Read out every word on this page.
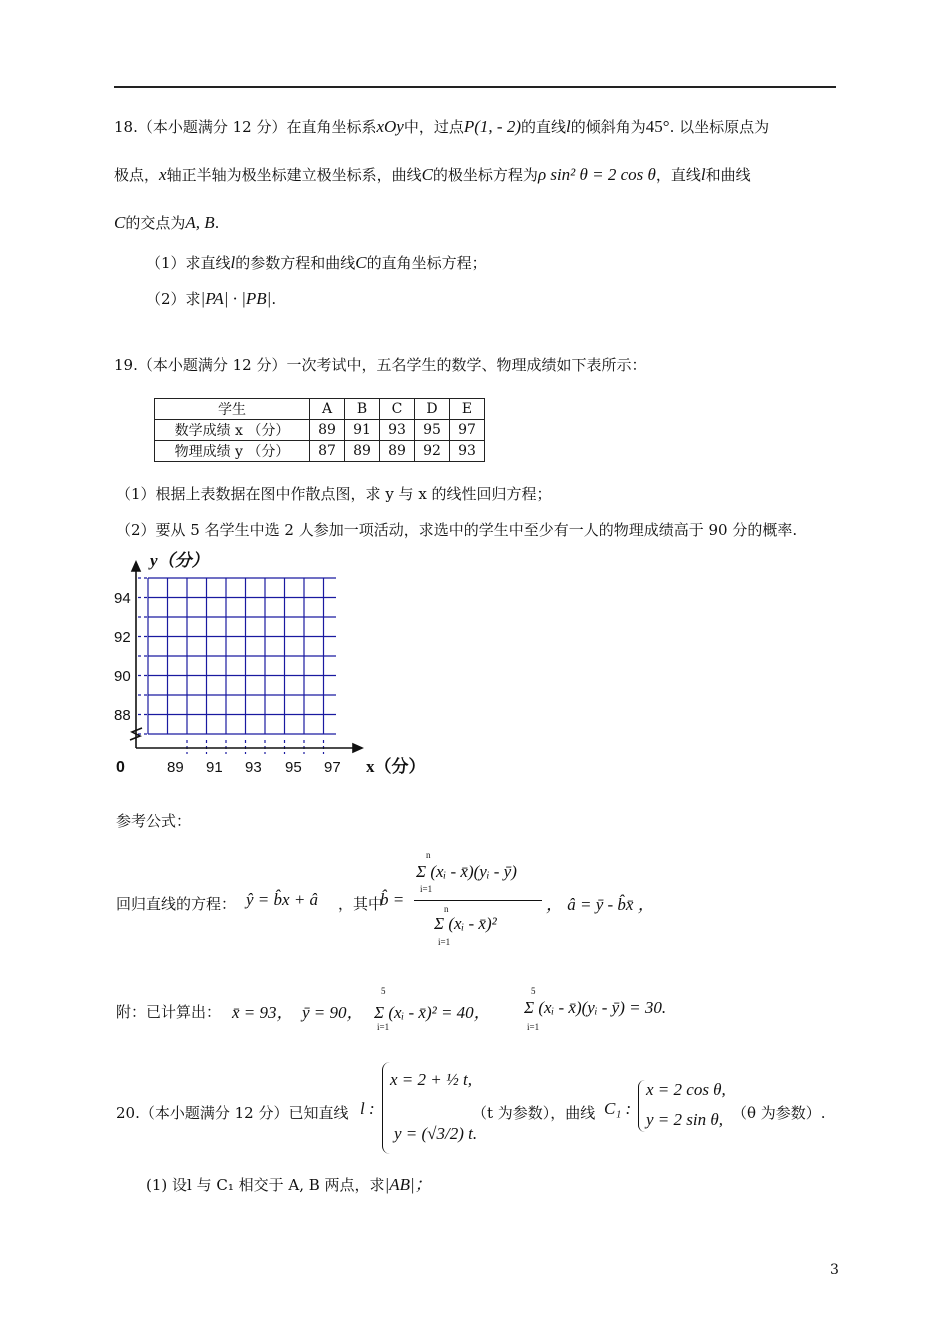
18.（本小题满分 12 分）在直角坐标系xOy中，过点P(1, - 2)的直线l的倾斜角为45°. 以坐标原点为
极点，x轴正半轴为极坐标建立极坐标系，曲线C的极坐标方程为ρ sin² θ = 2 cos θ，直线l和曲线
C的交点为A, B.
（1）求直线l的参数方程和曲线C的直角坐标方程；
（2）求|PA| · |PB|.
19.（本小题满分 12 分）一次考试中，五名学生的数学、物理成绩如下表所示：
学生	A	B	C	D	E
数学成绩 x （分）	89	91	93	95	97
物理成绩 y （分）	87	89	89	92	93
（1）根据上表数据在图中作散点图，求 y 与 x 的线性回归方程；
（2）要从 5 名学生中选 2 人参加一项活动，求选中的学生中至少有一人的物理成绩高于 90 分的概率.
y（分）
0	x（分）
94
92
90
88
89 91 93 95 97
参考公式：
回归直线的方程： ŷ = b̂x + â ，其中
b̂ =
n
Σ (xᵢ - x̄)(yᵢ - ȳ)
i=1
n
Σ (xᵢ - x̄)²
i=1
， â = ȳ - b̂x̄ ，
附：已计算出： x̄ = 93， ȳ = 90，
5
Σ (xᵢ - x̄)² = 40，
i=1
5
Σ (xᵢ - x̄)(yᵢ - ȳ) = 30.
i=1
20.（本小题满分 12 分）已知直线 l :
x = 2 + ½ t,
y = (√3/2) t.
（t 为参数），曲线 C₁ :
x = 2 cos θ,
y = 2 sin θ, （θ 为参数）.
(1) 设l 与 C₁ 相交于 A, B 两点，求|AB|；
3
